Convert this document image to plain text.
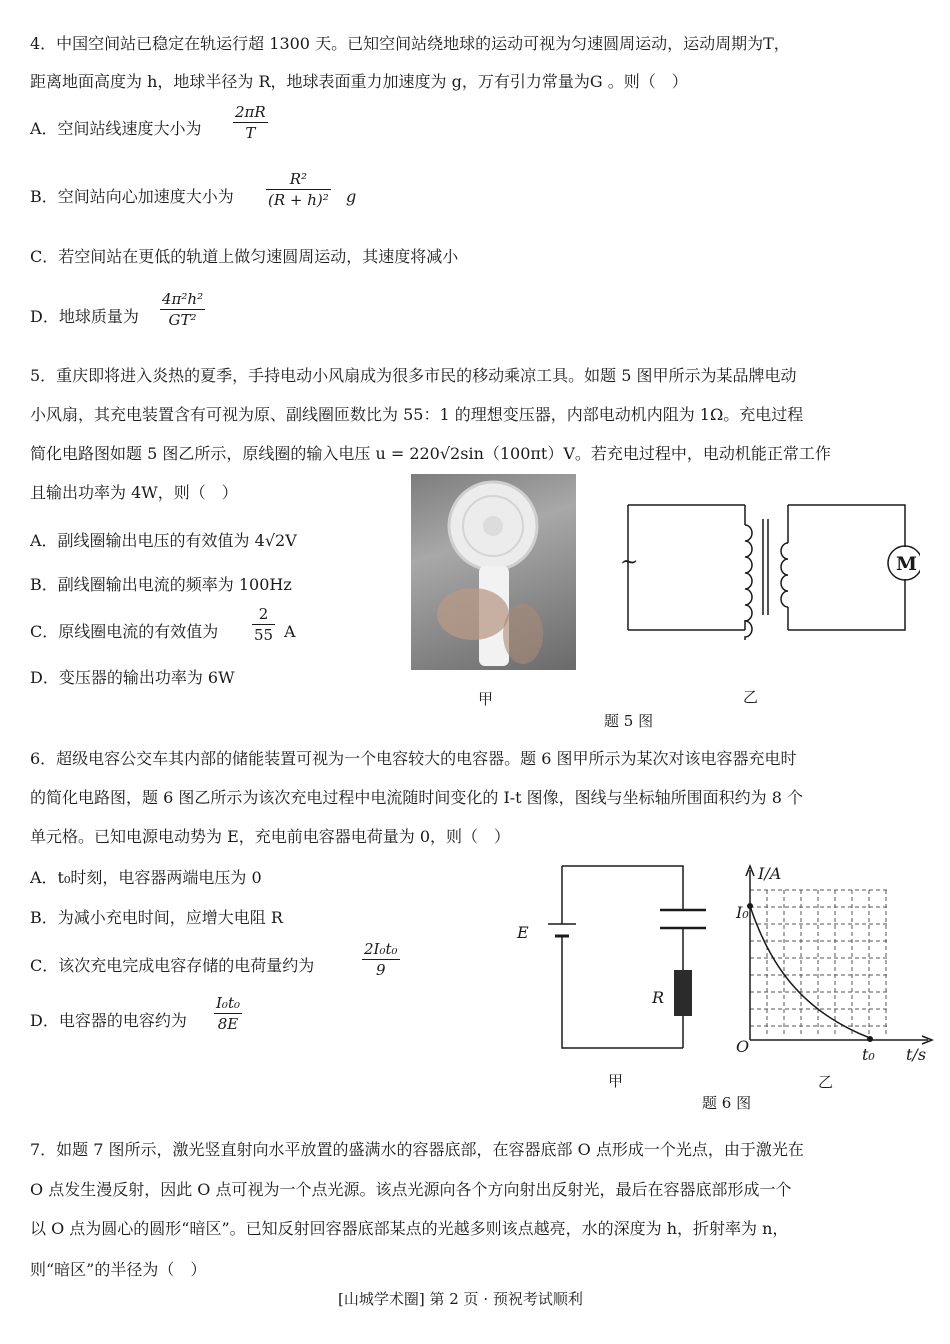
4．中国空间站已稳定在轨运行超 1300 天。已知空间站绕地球的运动可视为匀速圆周运动，运动周期为T，
距离地面高度为 h，地球半径为 R，地球表面重力加速度为 g，万有引力常量为G 。则（　）
A．空间站线速度大小为
2πR
T
B．空间站向心加速度大小为
R²
(R + h)² g
C．若空间站在更低的轨道上做匀速圆周运动，其速度将减小
D．地球质量为
4π²h²
GT²
5．重庆即将进入炎热的夏季，手持电动小风扇成为很多市民的移动乘凉工具。如题 5 图甲所示为某品牌电动
小风扇，其充电装置含有可视为原、副线圈匝数比为 55：1 的理想变压器，内部电动机内阻为 1Ω。充电过程
简化电路图如题 5 图乙所示，原线圈的输入电压 u = 220√2sin（100πt）V。若充电过程中，电动机能正常工作
且输出功率为 4W，则（　）
A．副线圈输出电压的有效值为 4√2V
B．副线圈输出电流的频率为 100Hz
C．原线圈电流的有效值为
2
55 A
D．变压器的输出功率为 6W
甲
~	M
乙
题 5 图
6．超级电容公交车其内部的储能装置可视为一个电容较大的电容器。题 6 图甲所示为某次对该电容器充电时
的简化电路图，题 6 图乙所示为该次充电过程中电流随时间变化的 I-t 图像，图线与坐标轴所围面积约为 8 个
单元格。已知电源电动势为 E，充电前电容器电荷量为 0，则（　）
A．t₀时刻，电容器两端电压为 0
B．为减小充电时间，应增大电阻 R
C．该次充电完成电容存储的电荷量约为
2I₀t₀
9
D．电容器的电容约为
I₀t₀
8E
E
R
甲
I/A
I₀
O	t₀ t/s
乙
题 6 图
7．如题 7 图所示，激光竖直射向水平放置的盛满水的容器底部，在容器底部 O 点形成一个光点，由于激光在
O 点发生漫反射，因此 O 点可视为一个点光源。该点光源向各个方向射出反射光，最后在容器底部形成一个
以 O 点为圆心的圆形“暗区”。已知反射回容器底部某点的光越多则该点越亮，水的深度为 h，折射率为 n，
则“暗区”的半径为（　）
[山城学术圈] 第 2 页 · 预祝考试顺利
